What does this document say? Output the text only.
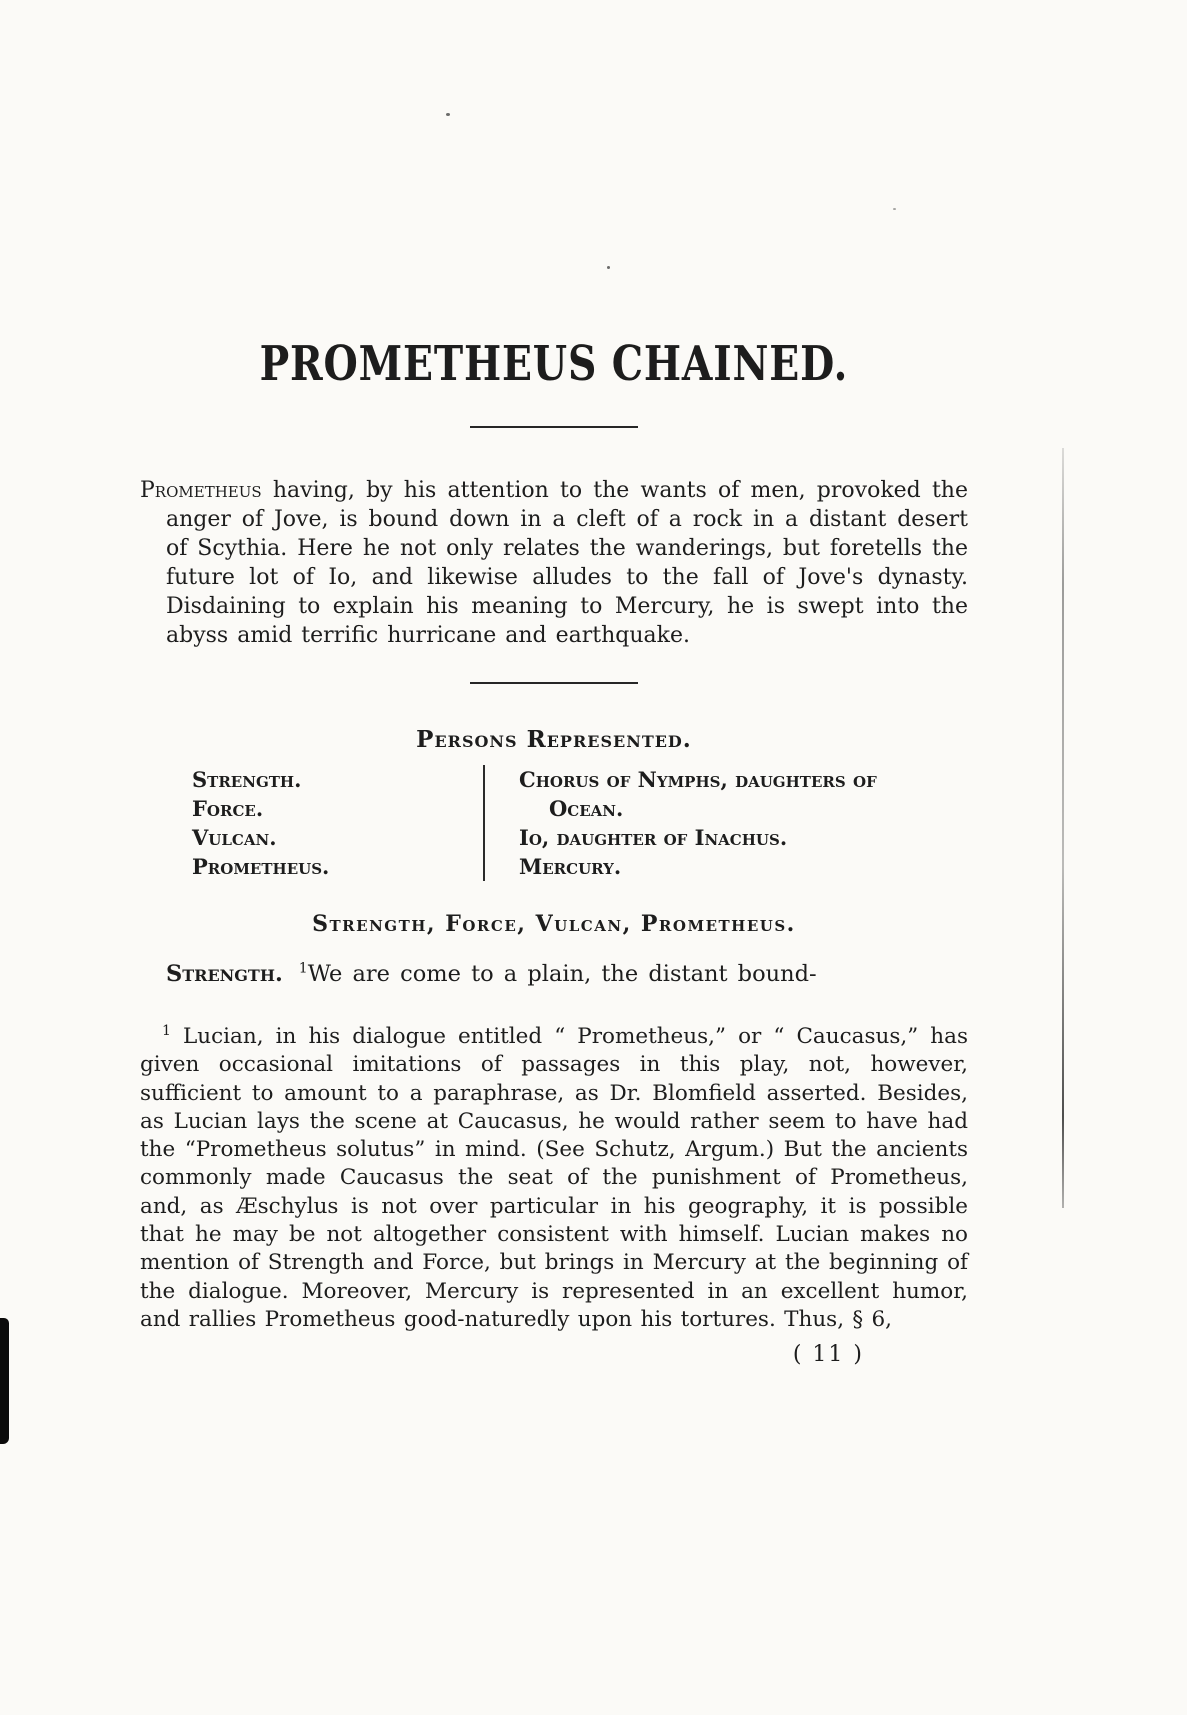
PROMETHEUS CHAINED.

Prometheus having, by his attention to the wants of men, provoked the anger of Jove, is bound down in a cleft of a rock in a distant desert of Scythia. Here he not only relates the wanderings, but foretells the future lot of Io, and likewise alludes to the fall of Jove's dynasty. Disdaining to explain his meaning to Mercury, he is swept into the abyss amid terrific hurricane and earthquake.

Persons Represented.
Strength.
Force.
Vulcan.
Prometheus.
Chorus of Nymphs, daughters of Ocean.
Io, daughter of Inachus.
Mercury.
Strength, Force, Vulcan, Prometheus.

Strength. $^1$We are come to a plain, the distant bound-

$^1$ Lucian, in his dialogue entitled “ Prometheus,” or “ Caucasus,” has given occasional imitations of passages in this play, not, however, sufficient to amount to a paraphrase, as Dr. Blomfield asserted. Besides, as Lucian lays the scene at Caucasus, he would rather seem to have had the “Prometheus solutus” in mind. (See Schutz, Argum.) But the ancients commonly made Caucasus the seat of the punishment of Prometheus, and, as Æschylus is not over particular in his geography, it is possible that he may be not altogether consistent with himself. Lucian makes no mention of Strength and Force, but brings in Mercury at the beginning of the dialogue. Moreover, Mercury is represented in an excellent humor, and rallies Prometheus good-naturedly upon his tortures. Thus, § 6,

( 11 )
